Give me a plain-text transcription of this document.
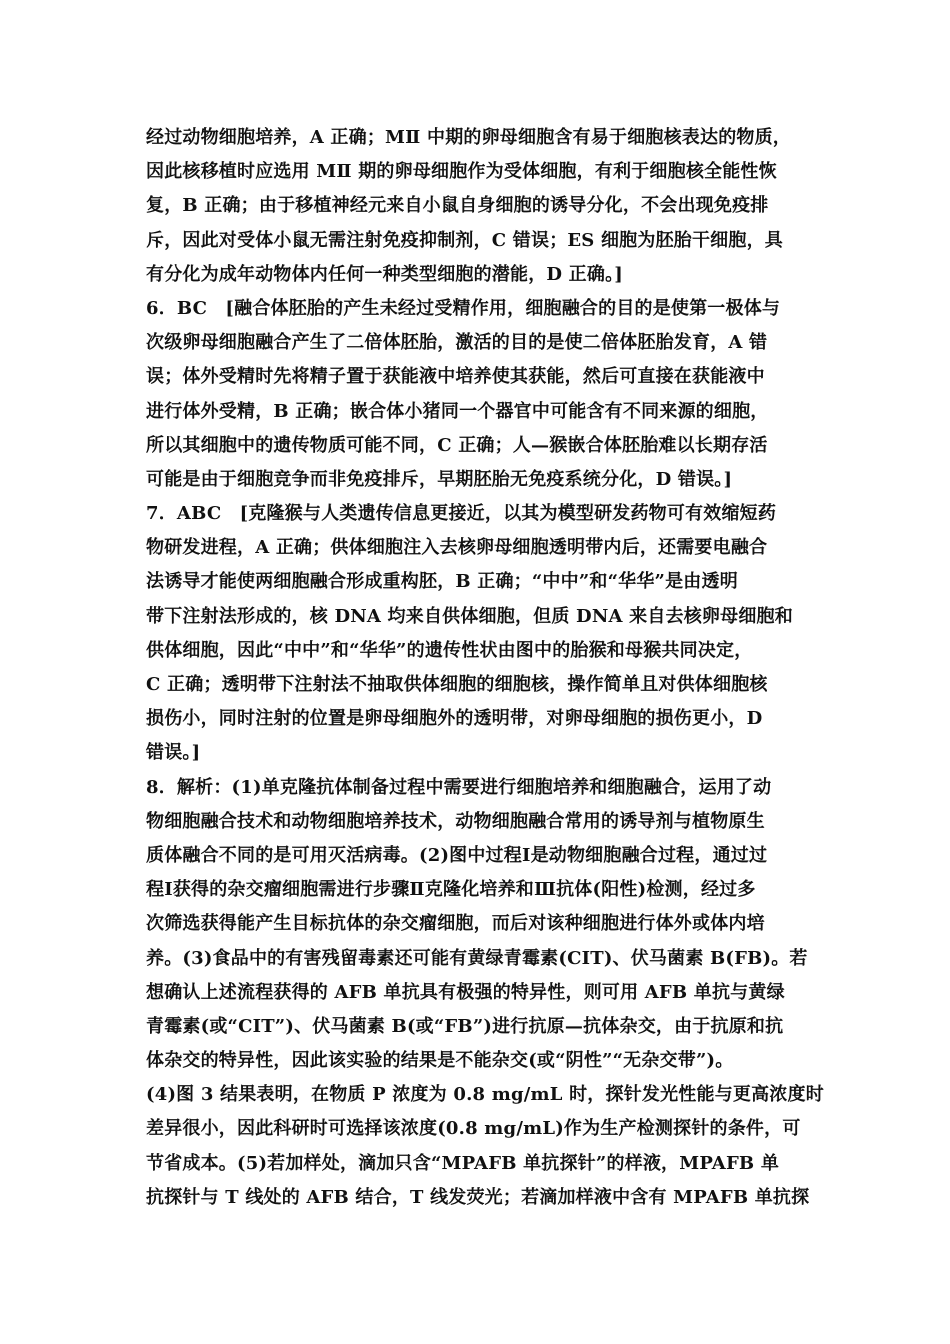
经过动物细胞培养，A 正确；MⅡ 中期的卵母细胞含有易于细胞核表达的物质，
因此核移植时应选用 MⅡ 期的卵母细胞作为受体细胞，有利于细胞核全能性恢
复，B 正确；由于移植神经元来自小鼠自身细胞的诱导分化，不会出现免疫排
斥，因此对受体小鼠无需注射免疫抑制剂，C 错误；ES 细胞为胚胎干细胞，具
有分化为成年动物体内任何一种类型细胞的潜能，D 正确。]
6．BC　[融合体胚胎的产生未经过受精作用，细胞融合的目的是使第一极体与
次级卵母细胞融合产生了二倍体胚胎，激活的目的是使二倍体胚胎发育，A 错
误；体外受精时先将精子置于获能液中培养使其获能，然后可直接在获能液中
进行体外受精，B 正确；嵌合体小猪同一个器官中可能含有不同来源的细胞，
所以其细胞中的遗传物质可能不同，C 正确；人—猴嵌合体胚胎难以长期存活
可能是由于细胞竞争而非免疫排斥，早期胚胎无免疫系统分化，D 错误。]
7．ABC　[克隆猴与人类遗传信息更接近，以其为模型研发药物可有效缩短药
物研发进程，A 正确；供体细胞注入去核卵母细胞透明带内后，还需要电融合
法诱导才能使两细胞融合形成重构胚，B 正确；“中中”和“华华”是由透明
带下注射法形成的，核 DNA 均来自供体细胞，但质 DNA 来自去核卵母细胞和
供体细胞，因此“中中”和“华华”的遗传性状由图中的胎猴和母猴共同决定，
C 正确；透明带下注射法不抽取供体细胞的细胞核，操作简单且对供体细胞核
损伤小，同时注射的位置是卵母细胞外的透明带，对卵母细胞的损伤更小，D
错误。]
8．解析：(1)单克隆抗体制备过程中需要进行细胞培养和细胞融合，运用了动
物细胞融合技术和动物细胞培养技术，动物细胞融合常用的诱导剂与植物原生
质体融合不同的是可用灭活病毒。(2)图中过程Ⅰ是动物细胞融合过程，通过过
程Ⅰ获得的杂交瘤细胞需进行步骤Ⅱ克隆化培养和Ⅲ抗体(阳性)检测，经过多
次筛选获得能产生目标抗体的杂交瘤细胞，而后对该种细胞进行体外或体内培
养。(3)食品中的有害残留毒素还可能有黄绿青霉素(CIT)、伏马菌素 B(FB)。若
想确认上述流程获得的 AFB 单抗具有极强的特异性，则可用 AFB 单抗与黄绿
青霉素(或“CIT”)、伏马菌素 B(或“FB”)进行抗原—抗体杂交，由于抗原和抗
体杂交的特异性，因此该实验的结果是不能杂交(或“阴性”“无杂交带”)。
(4)图 3 结果表明，在物质 P 浓度为 0.8 mg/mL 时，探针发光性能与更高浓度时
差异很小，因此科研时可选择该浓度(0.8 mg/mL)作为生产检测探针的条件，可
节省成本。(5)若加样处，滴加只含“MPAFB 单抗探针”的样液，MPAFB 单
抗探针与 T 线处的 AFB 结合，T 线发荧光；若滴加样液中含有 MPAFB 单抗探
